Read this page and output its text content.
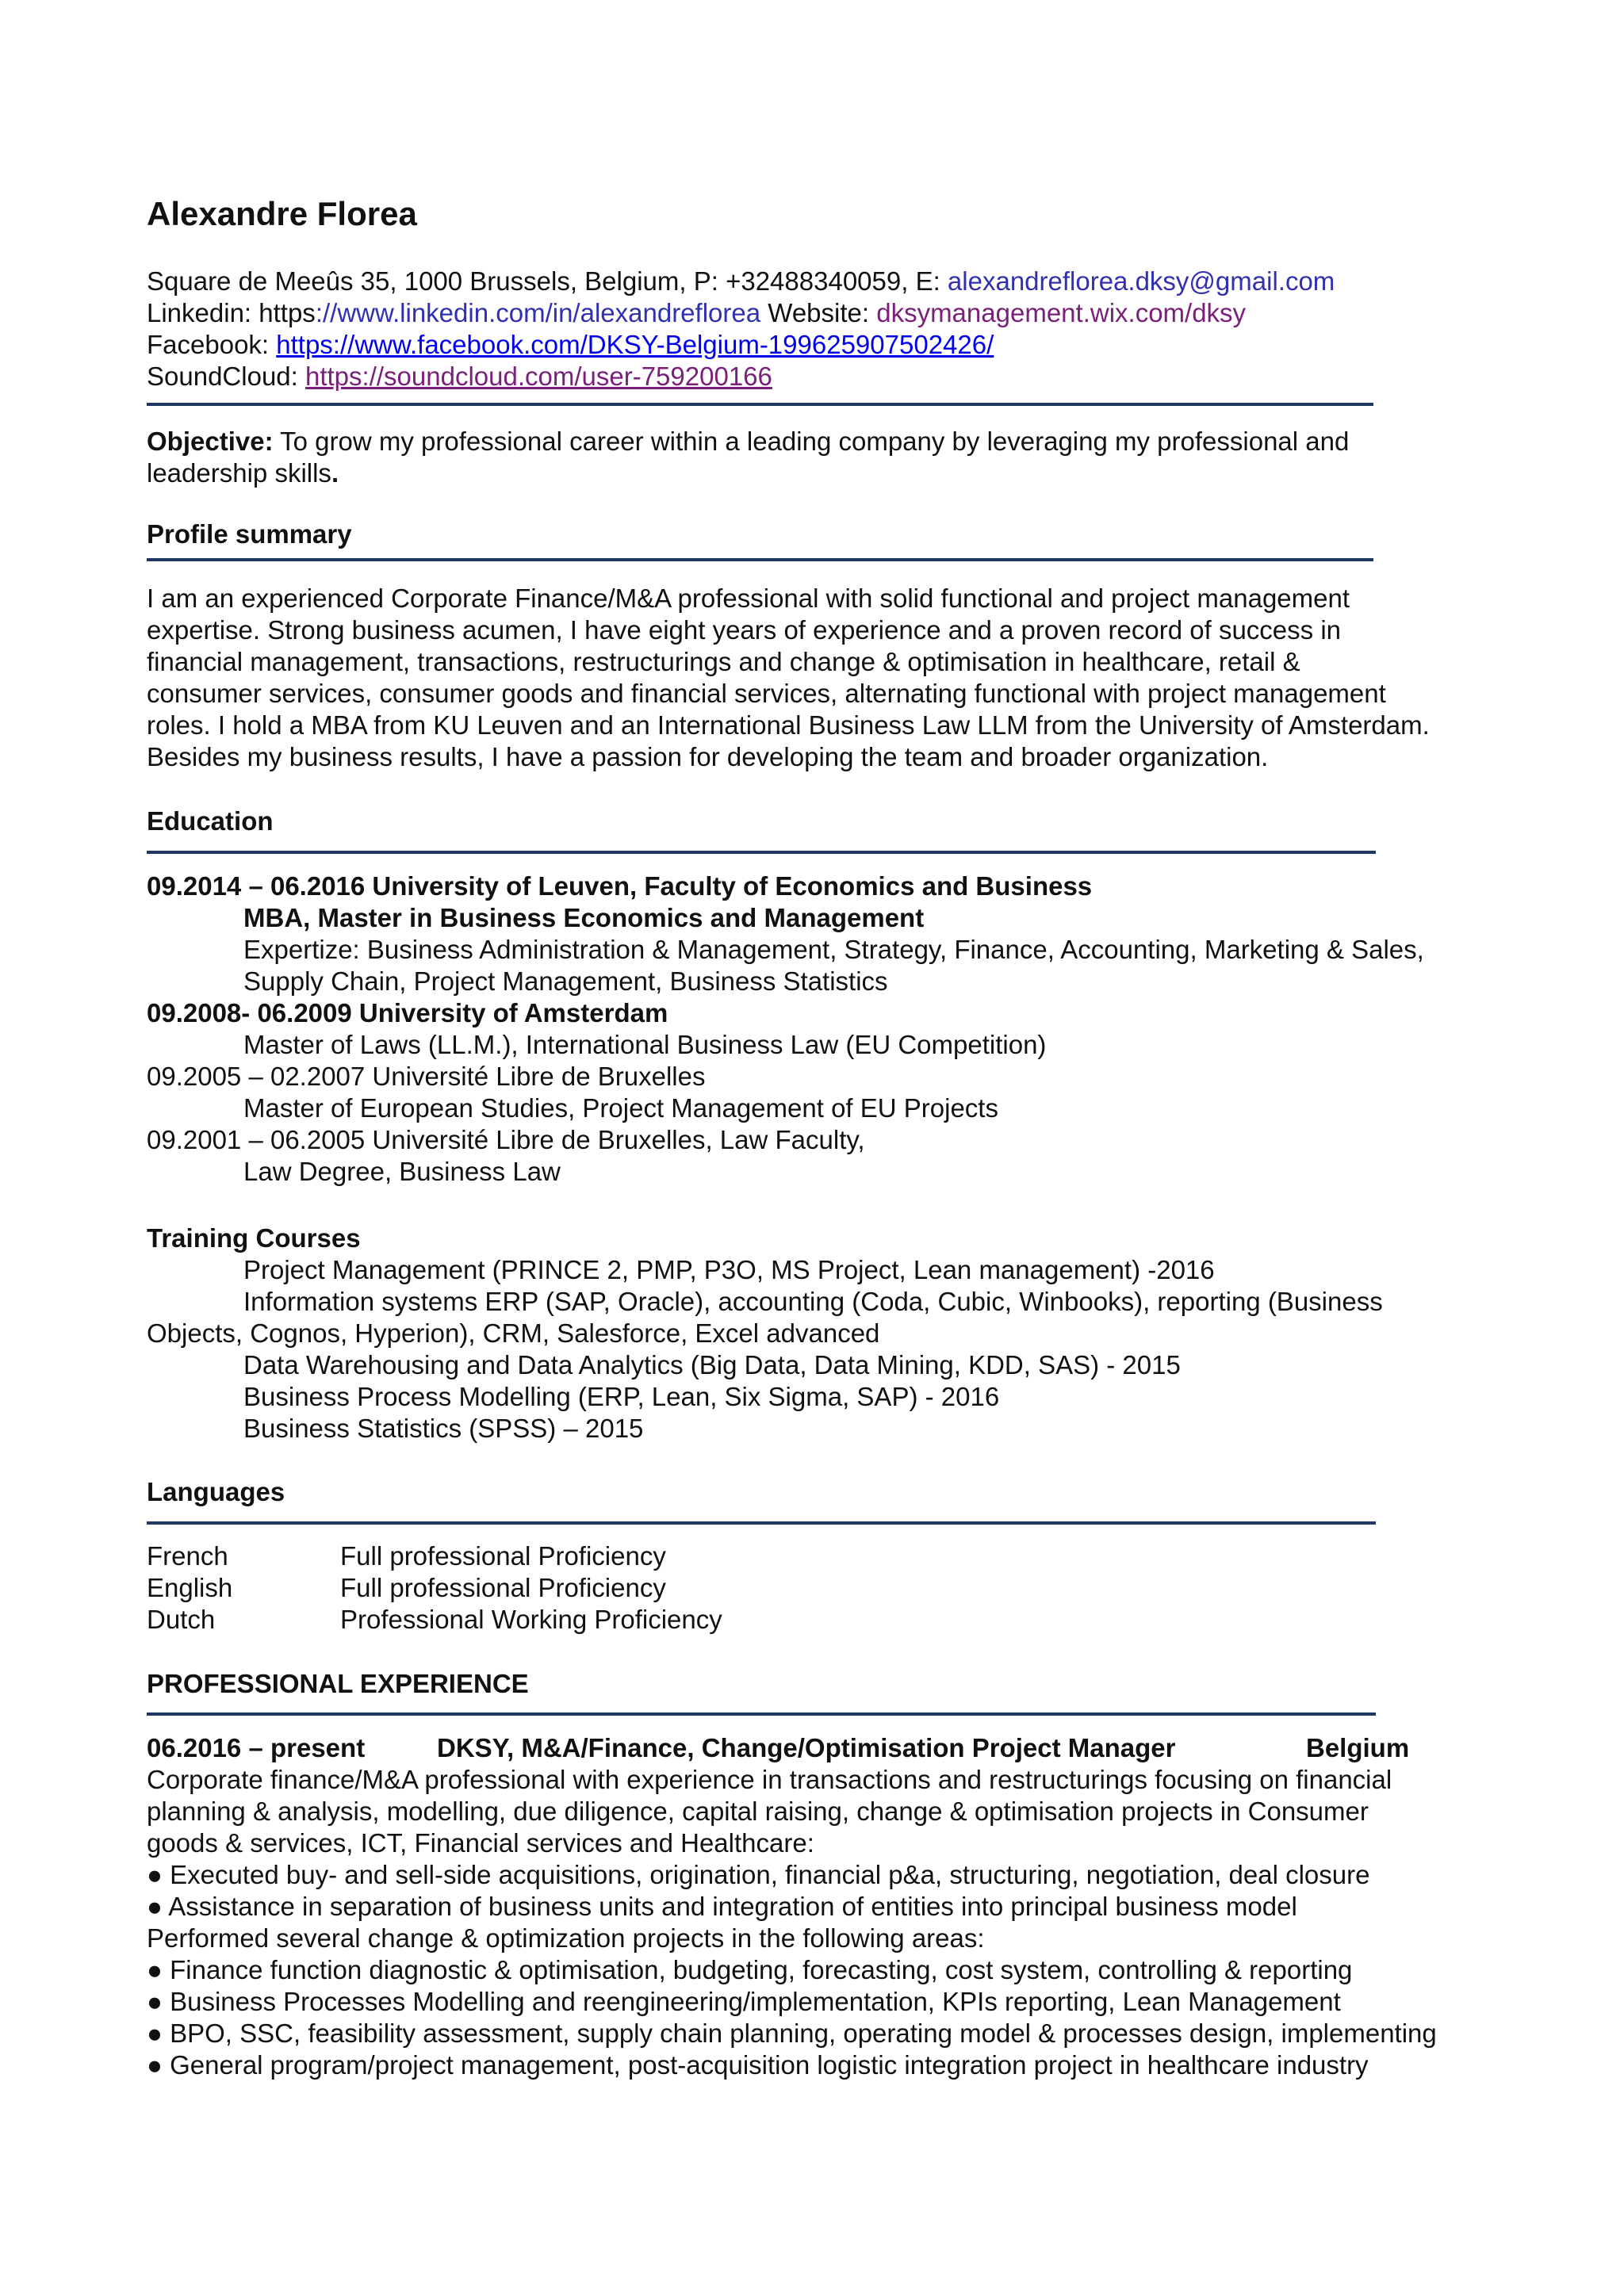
Alexandre Florea
Square de Meeûs 35, 1000 Brussels, Belgium, P: +32488340059, E: alexandreflorea.dksy@gmail.com
Linkedin: https://www.linkedin.com/in/alexandreflorea Website: dksymanagement.wix.com/dksy
Facebook: https://www.facebook.com/DKSY-Belgium-199625907502426/
SoundCloud: https://soundcloud.com/user-759200166
Objective: To grow my professional career within a leading company by leveraging my professional and
leadership skills.
Profile summary
I am an experienced Corporate Finance/M&A professional with solid functional and project management
expertise. Strong business acumen, I have eight years of experience and a proven record of success in
financial management, transactions, restructurings and change & optimisation in healthcare, retail &
consumer services, consumer goods and financial services, alternating functional with project management
roles. I hold a MBA from KU Leuven and an International Business Law LLM from the University of Amsterdam.
Besides my business results, I have a passion for developing the team and broader organization.
Education
09.2014 – 06.2016 University of Leuven, Faculty of Economics and Business
MBA, Master in Business Economics and Management
Expertize: Business Administration & Management, Strategy, Finance, Accounting, Marketing & Sales,
Supply Chain, Project Management, Business Statistics
09.2008- 06.2009 University of Amsterdam
Master of Laws (LL.M.), International Business Law (EU Competition)
09.2005 – 02.2007 Université Libre de Bruxelles
Master of European Studies, Project Management of EU Projects
09.2001 – 06.2005 Université Libre de Bruxelles, Law Faculty,
Law Degree, Business Law
Training Courses
Project Management (PRINCE 2, PMP, P3O, MS Project, Lean management) -2016
Information systems ERP (SAP, Oracle), accounting (Coda, Cubic, Winbooks), reporting (Business
Objects, Cognos, Hyperion), CRM, Salesforce, Excel advanced
Data Warehousing and Data Analytics (Big Data, Data Mining, KDD, SAS) - 2015
Business Process Modelling (ERP, Lean, Six Sigma, SAP) - 2016
Business Statistics (SPSS) – 2015
Languages
French	Full professional Proficiency
English	Full professional Proficiency
Dutch	Professional Working Proficiency
PROFESSIONAL EXPERIENCE
06.2016 – present	DKSY, M&A/Finance, Change/Optimisation Project Manager	Belgium
Corporate finance/M&A professional with experience in transactions and restructurings focusing on financial
planning & analysis, modelling, due diligence, capital raising, change & optimisation projects in Consumer
goods & services, ICT, Financial services and Healthcare:
● Executed buy- and sell-side acquisitions, origination, financial p&a, structuring, negotiation, deal closure
● Assistance in separation of business units and integration of entities into principal business model
Performed several change & optimization projects in the following areas:
● Finance function diagnostic & optimisation, budgeting, forecasting, cost system, controlling & reporting
● Business Processes Modelling and reengineering/implementation, KPIs reporting, Lean Management
● BPO, SSC, feasibility assessment, supply chain planning, operating model & processes design, implementing
● General program/project management, post-acquisition logistic integration project in healthcare industry
